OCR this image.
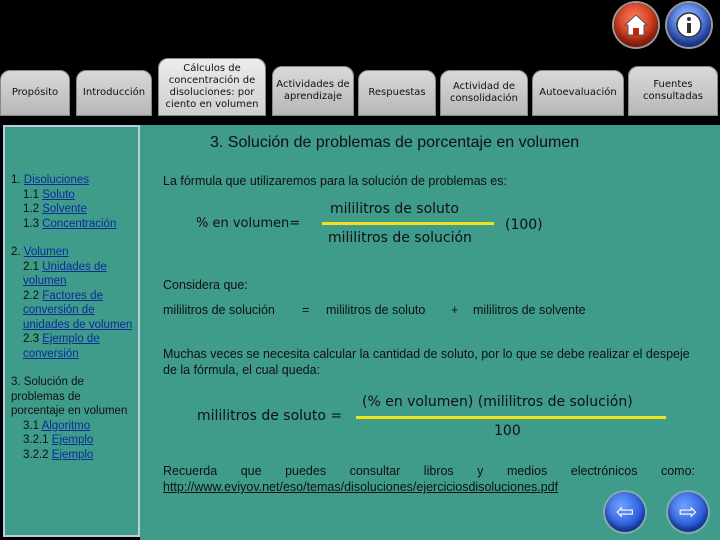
Propósito	Introducción
Cálculos de concentración de disoluciones: por ciento en volumen
Actividades de aprendizaje	Respuestas
Actividad de consolidación
Autoevaluación
Fuentes consultadas
1. Disoluciones
1.1 Soluto
1.2 Solvente
1.3 Concentración
2. Volumen
2.1 Unidades de volumen
2.2 Factores de conversión de unidades de volumen
2.3 Ejemplo de conversión
3. Solución de problemas de porcentaje en volumen
3.1 Algoritmo
3.2.1 Ejemplo
3.2.2 Ejemplo
3. Solución de problemas de porcentaje en volumen
La fórmula que utilizaremos para la solución de problemas es:
% en volumen=
mililitros de soluto
mililitros de solución
(100)
Considera que:
mililitros de solución = mililitros de soluto + mililitros de solvente
Muchas veces se necesita calcular la cantidad de soluto, por lo que se debe realizar el despeje de la fórmula, el cual queda:
mililitros de soluto =
(% en volumen) (mililitros de solución)
100
Recuerda que puedes consultar libros y medios electrónicos como:
http://www.eviyov.net/eso/temas/disoluciones/ejerciciosdisoluciones.pdf
⇦ ⇨
